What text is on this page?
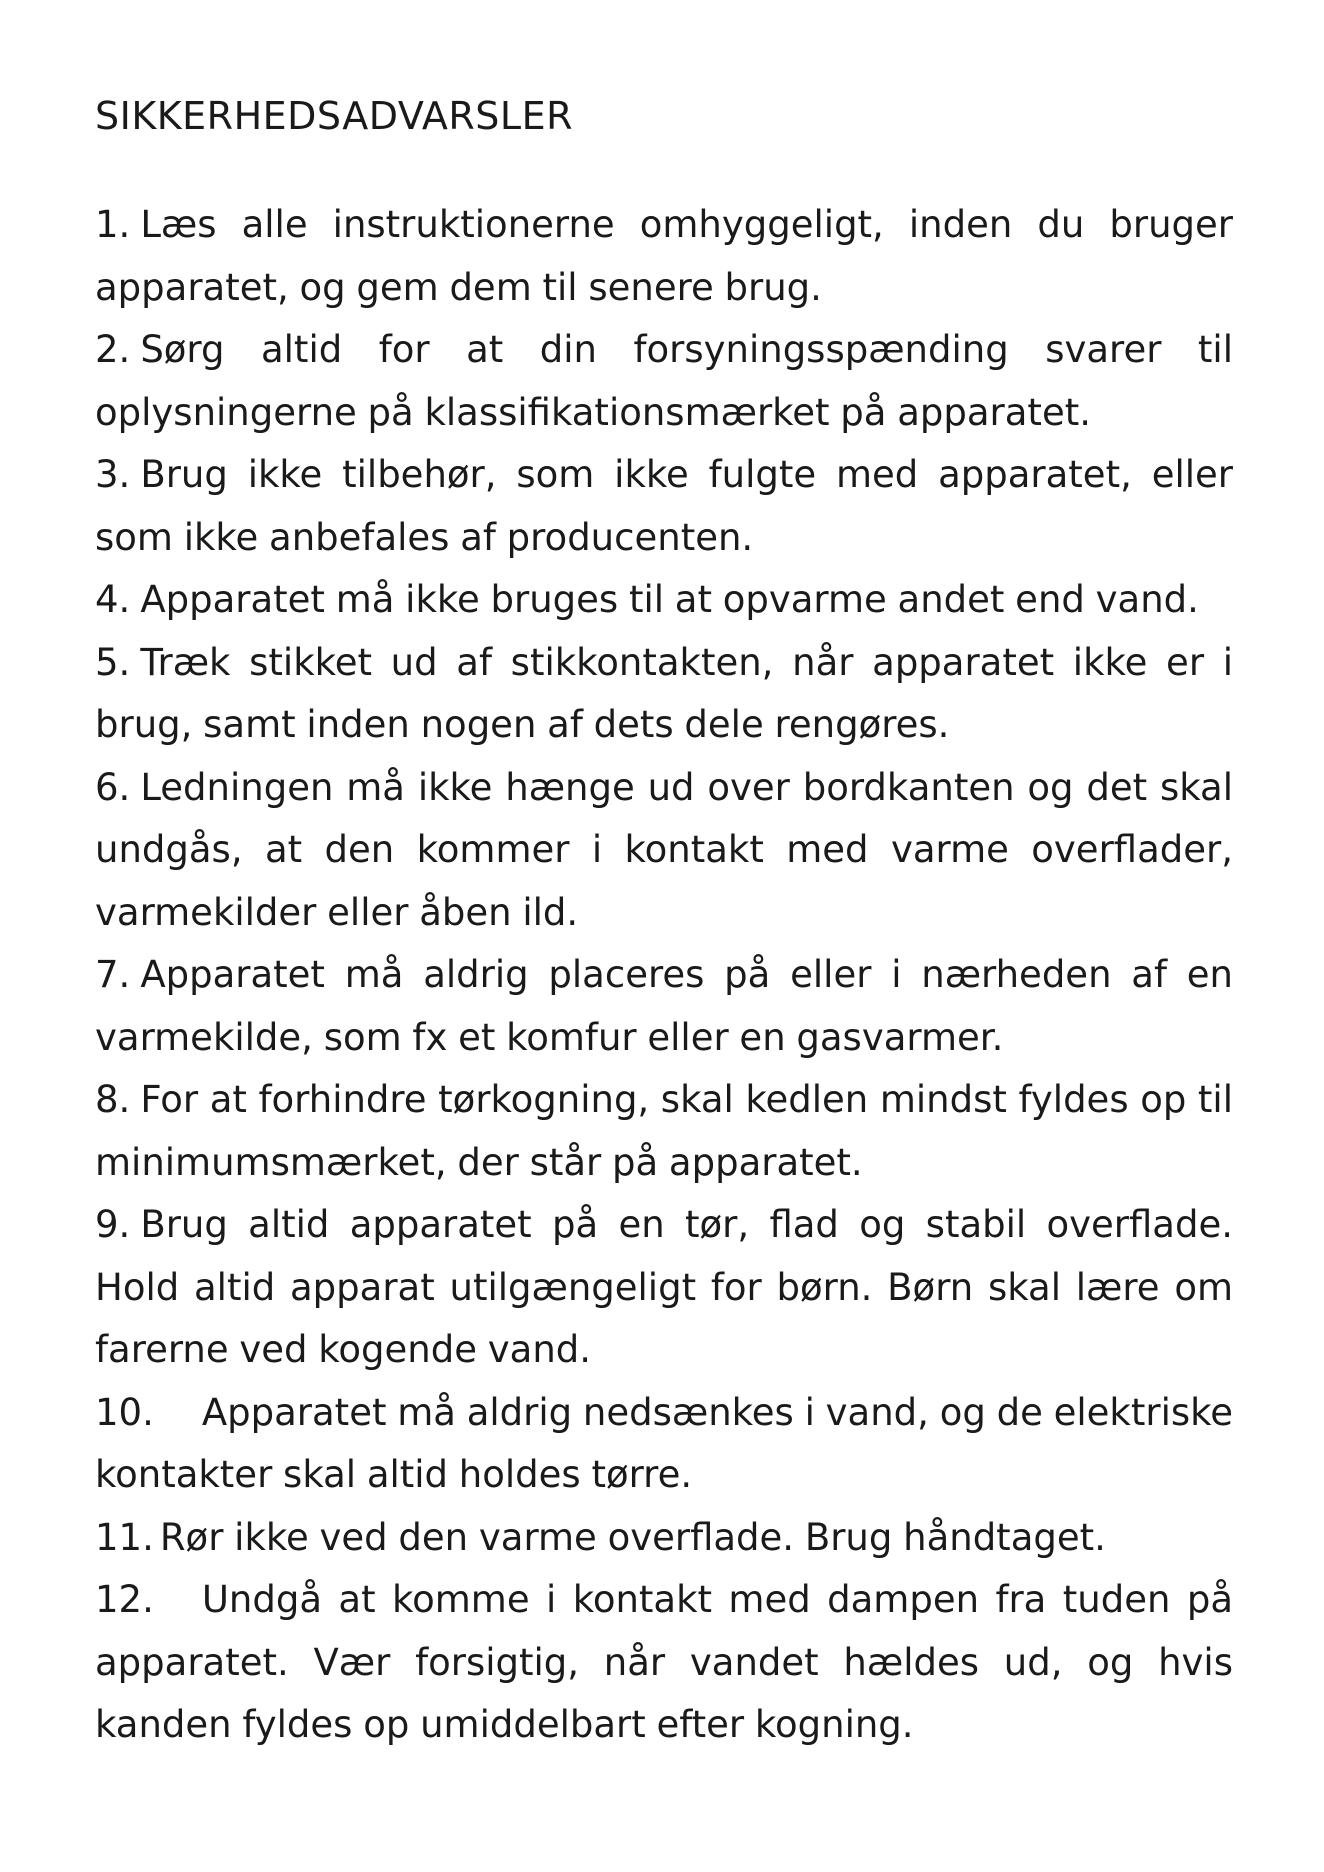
SIKKERHEDSADVARSLER

1. Læs alle instruktionerne omhyggeligt, inden du bruger apparatet, og gem dem til senere brug.

2. Sørg altid for at din forsyningsspænding svarer til oplysningerne på klassifikationsmærket på apparatet.

3. Brug ikke tilbehør, som ikke fulgte med apparatet, eller som ikke anbefales af producenten.

4. Apparatet må ikke bruges til at opvarme andet end vand.

5. Træk stikket ud af stikkontakten, når apparatet ikke er i brug, samt inden nogen af dets dele rengøres.

6. Ledningen må ikke hænge ud over bordkanten og det skal undgås, at den kommer i kontakt med varme overflader, varmekilder eller åben ild.

7. Apparatet må aldrig placeres på eller i nærheden af en varmekilde, som fx et komfur eller en gasvarmer.

8. For at forhindre tørkogning, skal kedlen mindst fyldes op til minimumsmærket, der står på apparatet.

9. Brug altid apparatet på en tør, flad og stabil overflade. Hold altid apparat utilgængeligt for børn. Børn skal lære om farerne ved kogende vand.

10. Apparatet må aldrig nedsænkes i vand, og de elektriske kontakter skal altid holdes tørre.

11. Rør ikke ved den varme overflade. Brug håndtaget.

12. Undgå at komme i kontakt med dampen fra tuden på apparatet. Vær forsigtig, når vandet hældes ud, og hvis kanden fyldes op umiddelbart efter kogning.
